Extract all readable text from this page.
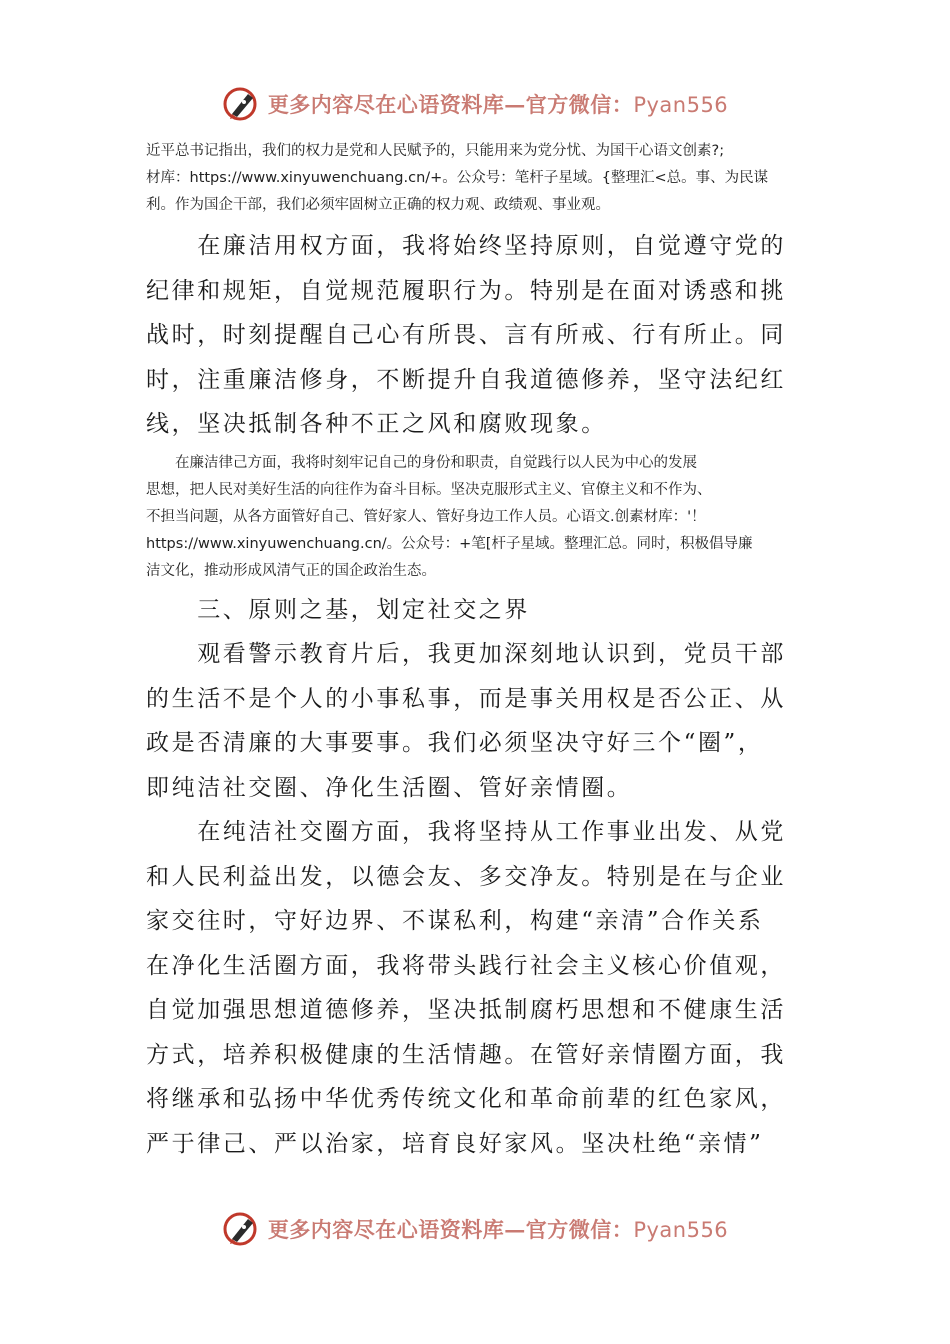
更多内容尽在心语资料库—官方微信：Pyan556

近平总书记指出，我们的权力是党和人民赋予的，只能用来为党分忧、为国干心语文创素?;

材库：https://www.xinyuwenchuang.cn/+。公众号：笔杆子星域。{整理汇<总。事、为民谋

利。作为国企干部，我们必须牢固树立正确的权力观、政绩观、事业观。

　　在廉洁用权方面，我将始终坚持原则，自觉遵守党的

纪律和规矩，自觉规范履职行为。特别是在面对诱惑和挑

战时，时刻提醒自己心有所畏、言有所戒、行有所止。同

时，注重廉洁修身，不断提升自我道德修养，坚守法纪红

线，坚决抵制各种不正之风和腐败现象。

　　在廉洁律己方面，我将时刻牢记自己的身份和职责，自觉践行以人民为中心的发展

思想，把人民对美好生活的向往作为奋斗目标。坚决克服形式主义、官僚主义和不作为、

不担当问题，从各方面管好自己、管好家人、管好身边工作人员。心语文.创素材库：'！

https://www.xinyuwenchuang.cn/。公众号：+笔[杆子星域。整理汇总。同时，积极倡导廉

洁文化，推动形成风清气正的国企政治生态。

　　三、原则之基，划定社交之界

　　观看警示教育片后，我更加深刻地认识到，党员干部

的生活不是个人的小事私事，而是事关用权是否公正、从

政是否清廉的大事要事。我们必须坚决守好三个“圈”，

即纯洁社交圈、净化生活圈、管好亲情圈。

　　在纯洁社交圈方面，我将坚持从工作事业出发、从党

和人民利益出发，以德会友、多交净友。特别是在与企业

家交往时，守好边界、不谋私利，构建“亲清”合作关系

在净化生活圈方面，我将带头践行社会主义核心价值观，

自觉加强思想道德修养，坚决抵制腐朽思想和不健康生活

方式，培养积极健康的生活情趣。在管好亲情圈方面，我

将继承和弘扬中华优秀传统文化和革命前辈的红色家风，

严于律己、严以治家，培育良好家风。坚决杜绝“亲情”

更多内容尽在心语资料库—官方微信：Pyan556
